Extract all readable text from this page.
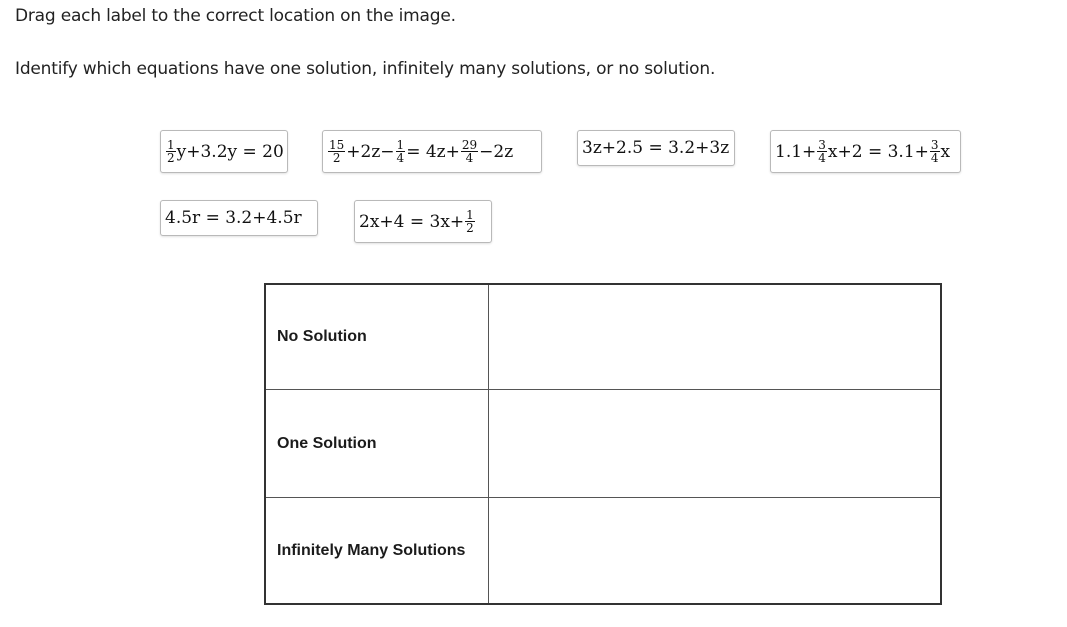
Drag each label to the correct location on the image.
Identify which equations have one solution, infinitely many solutions, or no solution.
$\frac{1}{2} y+3.2y = 20$	$\frac{15}{2} +2z- \frac{1}{4} = 4z+ \frac{29}{4} -2z$	3z+2.5 = 3.2+3z	$1.1+ \frac{3}{4} x+2 = 3.1+ \frac{3}{4}$ x
4.5r = 3.2+4.5r	$2x+4 = 3x+ \frac{1}{2}$
No Solution
One Solution
Infinitely Many Solutions
